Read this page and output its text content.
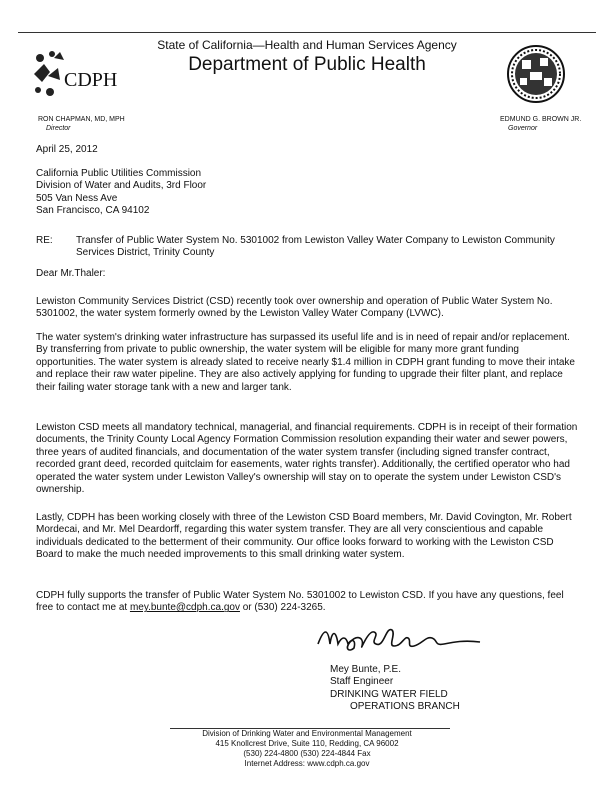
State of California—Health and Human Services Agency
Department of Public Health
CDPH
RON CHAPMAN, MD, MPH
Director
EDMUND G. BROWN JR.
Governor
April 25, 2012
California Public Utilities Commission
Division of Water and Audits, 3rd Floor
505 Van Ness Ave
San Francisco, CA 94102
RE: Transfer of Public Water System No. 5301002 from Lewiston Valley Water Company to Lewiston Community Services District, Trinity County
Dear Mr.Thaler:

Lewiston Community Services District (CSD) recently took over ownership and operation of Public Water System No. 5301002, the water system formerly owned by the Lewiston Valley Water Company (LVWC).

The water system's drinking water infrastructure has surpassed its useful life and is in need of repair and/or replacement. By transferring from private to public ownership, the water system will be eligible for many more grant funding opportunities. The water system is already slated to receive nearly $1.4 million in CDPH grant funding to move their intake and replace their raw water pipeline. They are also actively applying for funding to upgrade their filter plant, and replace their failing water storage tank with a new and larger tank.

Lewiston CSD meets all mandatory technical, managerial, and financial requirements. CDPH is in receipt of their formation documents, the Trinity County Local Agency Formation Commission resolution expanding their water and sewer powers, three years of audited financials, and documentation of the water system transfer (including signed transfer contract, recorded grant deed, recorded quitclaim for easements, water rights transfer). Additionally, the certified operator who had operated the water system under Lewiston Valley's ownership will stay on to operate the system under Lewiston CSD's ownership.

Lastly, CDPH has been working closely with three of the Lewiston CSD Board members, Mr. David Covington, Mr. Robert Mordecai, and Mr. Mel Deardorff, regarding this water system transfer. They are all very conscientious and capable individuals dedicated to the betterment of their community. Our office looks forward to working with the Lewiston CSD Board to make the much needed improvements to this small drinking water system.

CDPH fully supports the transfer of Public Water System No. 5301002 to Lewiston CSD. If you have any questions, feel free to contact me at mey.bunte@cdph.ca.gov or (530) 224-3265.

Mey Bunte, P.E.
Staff Engineer
DRINKING WATER FIELD
OPERATIONS BRANCH
Division of Drinking Water and Environmental Management
415 Knollcrest Drive, Suite 110, Redding, CA 96002
(530) 224-4800 (530) 224-4844 Fax
Internet Address: www.cdph.ca.gov
